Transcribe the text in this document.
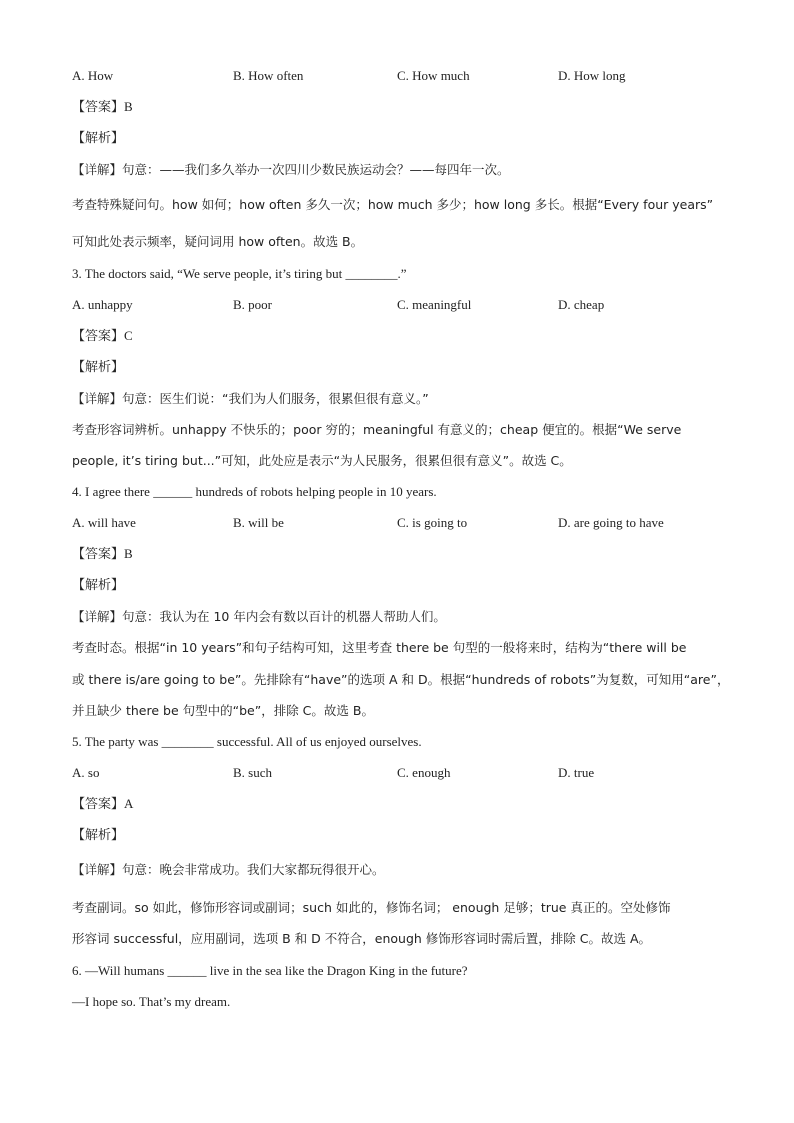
A. How	B. How often	C. How much	D. How long
【答案】B
【解析】
【详解】句意：——我们多久举办一次四川少数民族运动会？——每四年一次。
考查特殊疑问句。how 如何；how often 多久一次；how much 多少；how long 多长。根据“Every four years”
可知此处表示频率，疑问词用 how often。故选 B。
3. The doctors said, “We serve people, it’s tiring but ________.”
A. unhappy	B. poor	C. meaningful	D. cheap
【答案】C
【解析】
【详解】句意：医生们说：“我们为人们服务，很累但很有意义。”
考查形容词辨析。unhappy 不快乐的；poor 穷的；meaningful 有意义的；cheap 便宜的。根据“We serve
people, it’s tiring but...”可知，此处应是表示“为人民服务，很累但很有意义”。故选 C。
4. I agree there ______ hundreds of robots helping people in 10 years.
A. will have	B. will be	C. is going to	D. are going to have
【答案】B
【解析】
【详解】句意：我认为在 10 年内会有数以百计的机器人帮助人们。
考查时态。根据“in 10 years”和句子结构可知，这里考查 there be 句型的一般将来时，结构为“there will be
或 there is/are going to be”。先排除有“have”的选项 A 和 D。根据“hundreds of robots”为复数，可知用“are”，
并且缺少 there be 句型中的“be”，排除 C。故选 B。
5. The party was ________ successful. All of us enjoyed ourselves.
A. so	B. such	C. enough	D. true
【答案】A
【解析】
【详解】句意：晚会非常成功。我们大家都玩得很开心。
考查副词。so 如此，修饰形容词或副词；such 如此的，修饰名词； enough 足够；true 真正的。空处修饰
形容词 successful，应用副词，选项 B 和 D 不符合，enough 修饰形容词时需后置，排除 C。故选 A。
6. —Will humans ______ live in the sea like the Dragon King in the future?
—I hope so. That’s my dream.
